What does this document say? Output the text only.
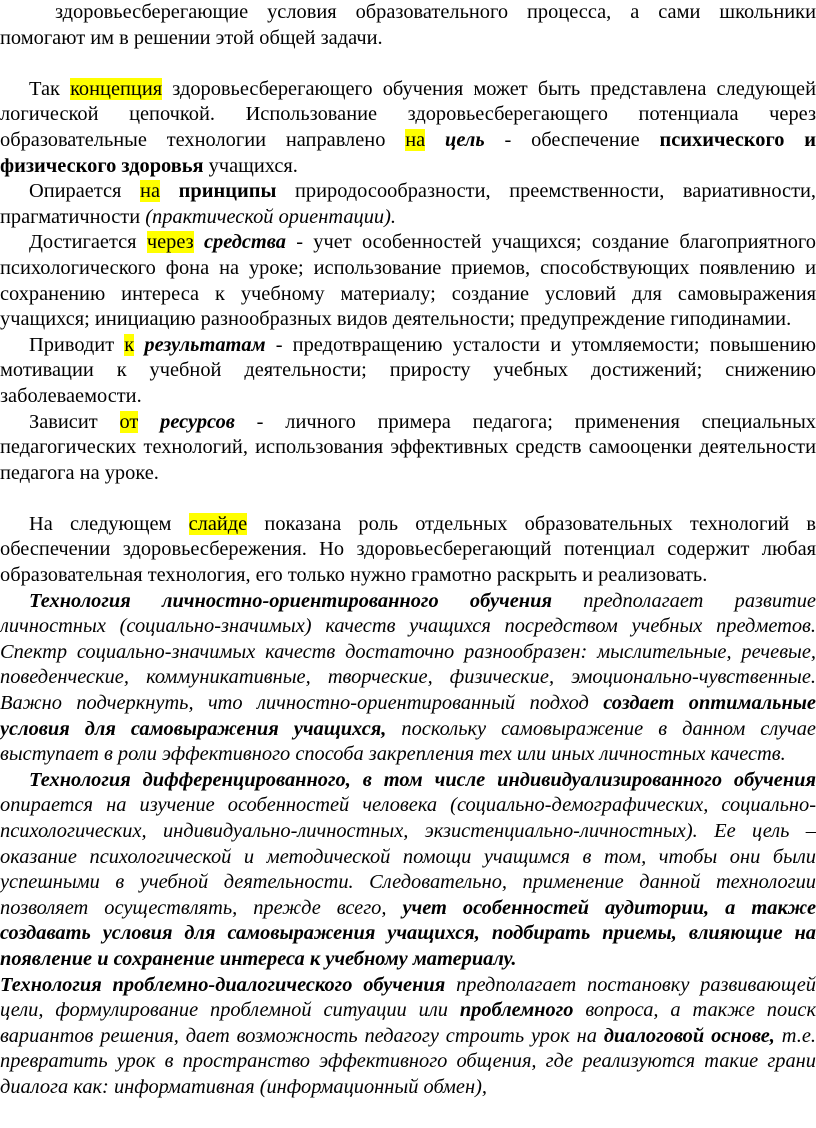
здоровьесберегающие условия образовательного процесса, а сами школьники помогают им в решении этой общей задачи.

Так концепция здоровьесберегающего обучения может быть представлена следующей логической цепочкой. Использование здоровьесберегающего потенциала через образовательные технологии направлено на цель - обеспечение психического и физического здоровья учащихся.

Опирается на принципы природосообразности, преемственности, вариативности, прагматичности (практической ориентации).

Достигается через средства - учет особенностей учащихся; создание благоприятного психологического фона на уроке; использование приемов, способствующих появлению и сохранению интереса к учебному материалу; создание условий для самовыражения учащихся; инициацию разнообразных видов деятельности; предупреждение гиподинамии.

Приводит к результатам - предотвращению усталости и утомляемости; повышению мотивации к учебной деятельности; приросту учебных достижений; снижению заболеваемости.

Зависит от ресурсов - личного примера педагога; применения специальных педагогических технологий, использования эффективных средств самооценки деятельности педагога на уроке.

На следующем слайде показана роль отдельных образовательных технологий в обеспечении здоровьесбережения. Но здоровьесберегающий потенциал содержит любая образовательная технология, его только нужно грамотно раскрыть и реализовать.

Технология личностно-ориентированного обучения предполагает развитие личностных (социально-значимых) качеств учащихся посредством учебных предметов. Спектр социально-значимых качеств достаточно разнообразен: мыслительные, речевые, поведенческие, коммуникативные, творческие, физические, эмоционально-чувственные. Важно подчеркнуть, что личностно-ориентированный подход создает оптимальные условия для самовыражения учащихся, поскольку самовыражение в данном случае выступает в роли эффективного способа закрепления тех или иных личностных качеств.

Технология дифференцированного, в том числе индивидуализированного обучения опирается на изучение особенностей человека (социально-демографических, социально-психологических, индивидуально-личностных, экзистенциально-личностных). Ее цель – оказание психологической и методической помощи учащимся в том, чтобы они были успешными в учебной деятельности. Следовательно, применение данной технологии позволяет осуществлять, прежде всего, учет особенностей аудитории, а также создавать условия для самовыражения учащихся, подбирать приемы, влияющие на появление и сохранение интереса к учебному материалу.

Технология проблемно-диалогического обучения предполагает постановку развивающей цели, формулирование проблемной ситуации или проблемного вопроса, а также поиск вариантов решения, дает возможность педагогу строить урок на диалоговой основе, т.е. превратить урок в пространство эффективного общения, где реализуются такие грани диалога как: информативная (информационный обмен),
